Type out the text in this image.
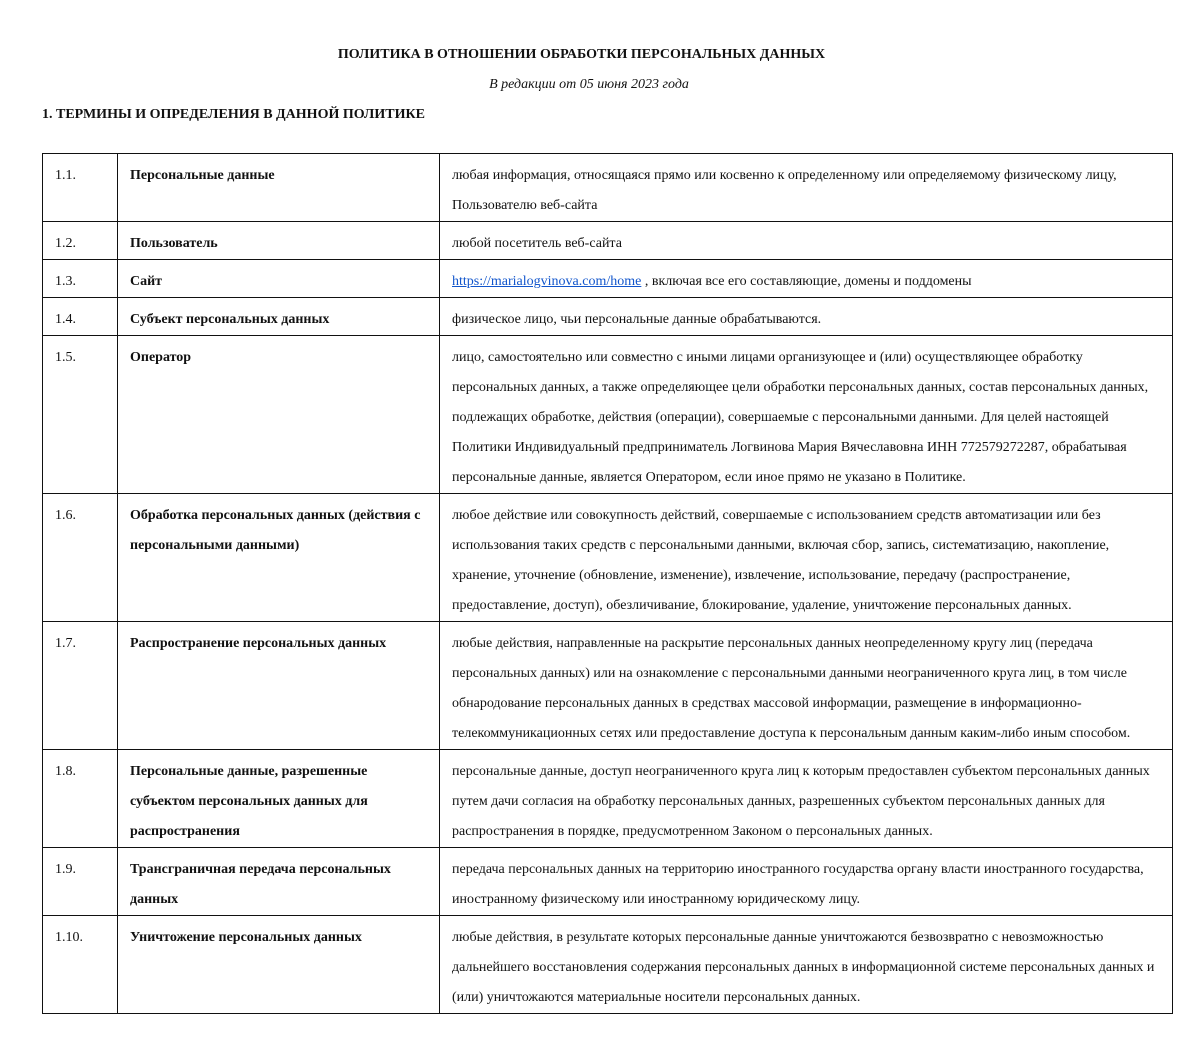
ПОЛИТИКА В ОТНОШЕНИИ ОБРАБОТКИ ПЕРСОНАЛЬНЫХ ДАННЫХ
В редакции от 05 июня 2023 года
1. ТЕРМИНЫ И ОПРЕДЕЛЕНИЯ В ДАННОЙ ПОЛИТИКЕ
1.1.	Персональные данные	любая информация, относящаяся прямо или косвенно к определенному или определяемому физическому лицу, Пользователю веб-сайта
1.2.	Пользователь	любой посетитель веб-сайта
1.3.	Сайт	https://marialogvinova.com/home , включая все его составляющие, домены и поддомены
1.4.	Субъект персональных данных	физическое лицо, чьи персональные данные обрабатываются.
1.5.	Оператор	лицо, самостоятельно или совместно с иными лицами организующее и (или) осуществляющее обработку персональных данных, а также определяющее цели обработки персональных данных, состав персональных данных, подлежащих обработке, действия (операции), совершаемые с персональными данными. Для целей настоящей Политики Индивидуальный предприниматель Логвинова Мария Вячеславовна ИНН 772579272287, обрабатывая персональные данные, является Оператором, если иное прямо не указано в Политике.
1.6.	Обработка персональных данных (действия с персональными данными)	любое действие или совокупность действий, совершаемые с использованием средств автоматизации или без использования таких средств с персональными данными, включая сбор, запись, систематизацию, накопление, хранение, уточнение (обновление, изменение), извлечение, использование, передачу (распространение, предоставление, доступ), обезличивание, блокирование, удаление, уничтожение персональных данных.
1.7.	Распространение персональных данных	любые действия, направленные на раскрытие персональных данных неопределенному кругу лиц (передача персональных данных) или на ознакомление с персональными данными неограниченного круга лиц, в том числе обнародование персональных данных в средствах массовой информации, размещение в информационно-телекоммуникационных сетях или предоставление доступа к персональным данным каким-либо иным способом.
1.8.	Персональные данные, разрешенные субъектом персональных данных для распространения	персональные данные, доступ неограниченного круга лиц к которым предоставлен субъектом персональных данных путем дачи согласия на обработку персональных данных, разрешенных субъектом персональных данных для распространения в порядке, предусмотренном Законом о персональных данных.
1.9.	Трансграничная передача персональных данных	передача персональных данных на территорию иностранного государства органу власти иностранного государства, иностранному физическому или иностранному юридическому лицу.
1.10.	Уничтожение персональных данных	любые действия, в результате которых персональные данные уничтожаются безвозвратно с невозможностью дальнейшего восстановления содержания персональных данных в информационной системе персональных данных и (или) уничтожаются материальные носители персональных данных.
